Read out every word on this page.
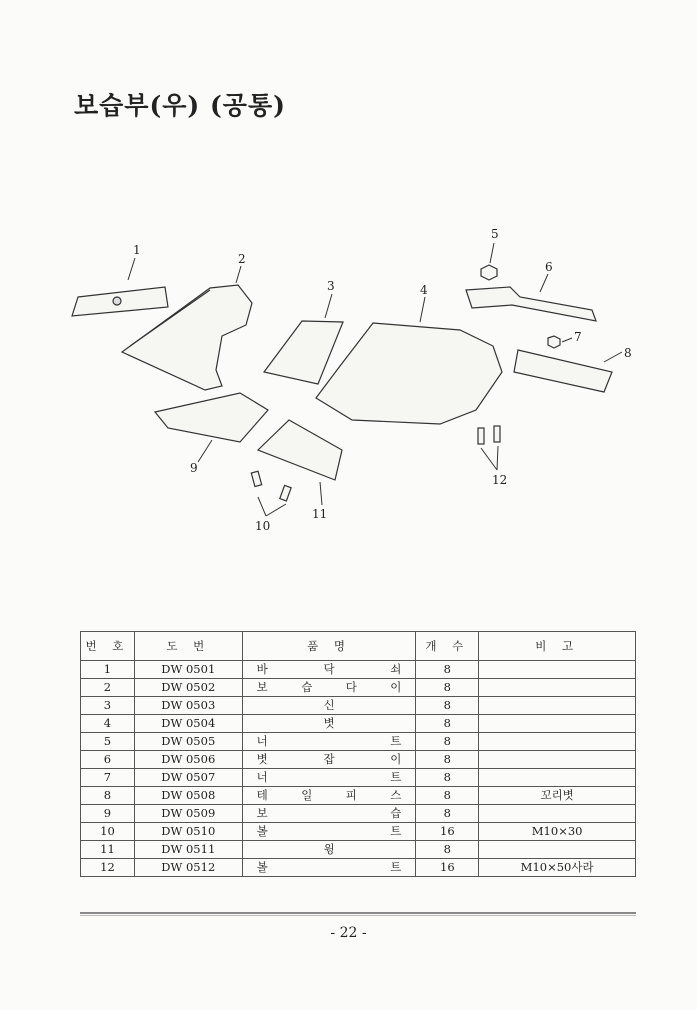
보습부(우) (공통)
1
2
3	4
5
6
7
8
9
10
11
12
번 호	도 번	품 명	개 수	비 고
1	DW 0501	바 닥 쇠	8	
2	DW 0502	보 습 다 이	8	
3	DW 0503	신	8	
4	DW 0504	볏	8	
5	DW 0505	너 트	8	
6	DW 0506	볏 잡 이	8	
7	DW 0507	너 트	8	
8	DW 0508	테 일 피 스	8	꼬리볏
9	DW 0509	보 습	8	
10	DW 0510	볼 트	16	M10×30
11	DW 0511	윙	8	
12	DW 0512	볼 트	16	M10×50사라
- 22 -
